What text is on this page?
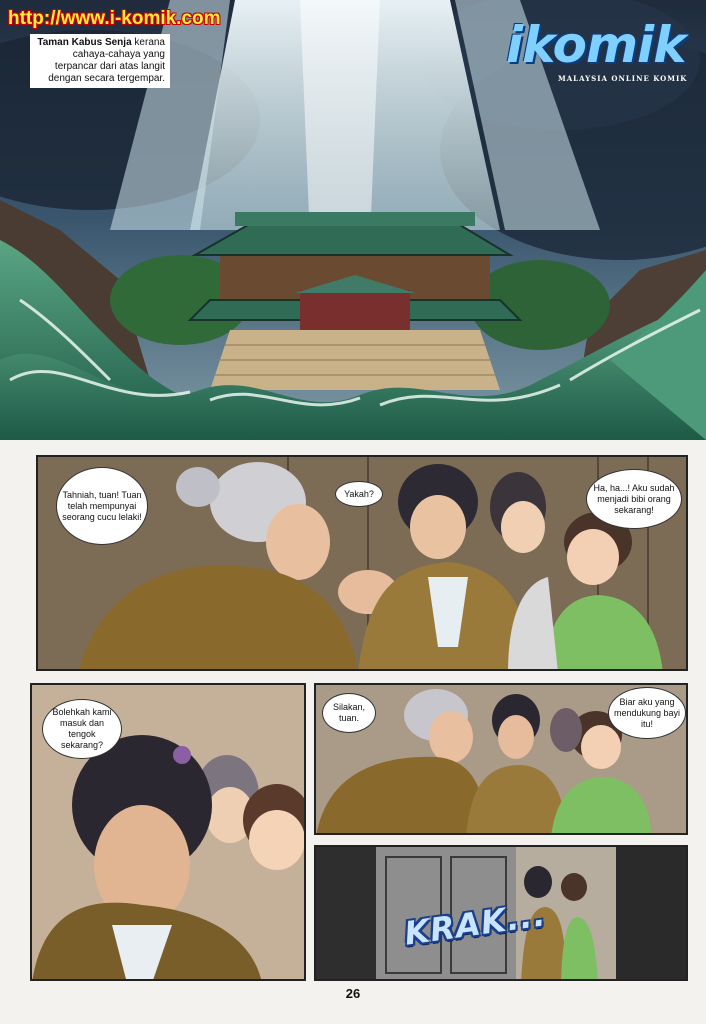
Taman Kabus Senja kerana cahaya-cahaya yang terpancar dari atas langit dengan secara tergempar.
http://www.i-komik.com	ikomik
MALAYSIA ONLINE KOMIK
Tahniah, tuan! Tuan telah mempunyai seorang cucu lelaki!
Yakah?
Ha, ha...! Aku sudah menjadi bibi orang sekarang!
Bolehkah kami masuk dan tengok sekarang?
Silakan, tuan.
Biar aku yang mendukung bayi itu!
KRAK...
26
